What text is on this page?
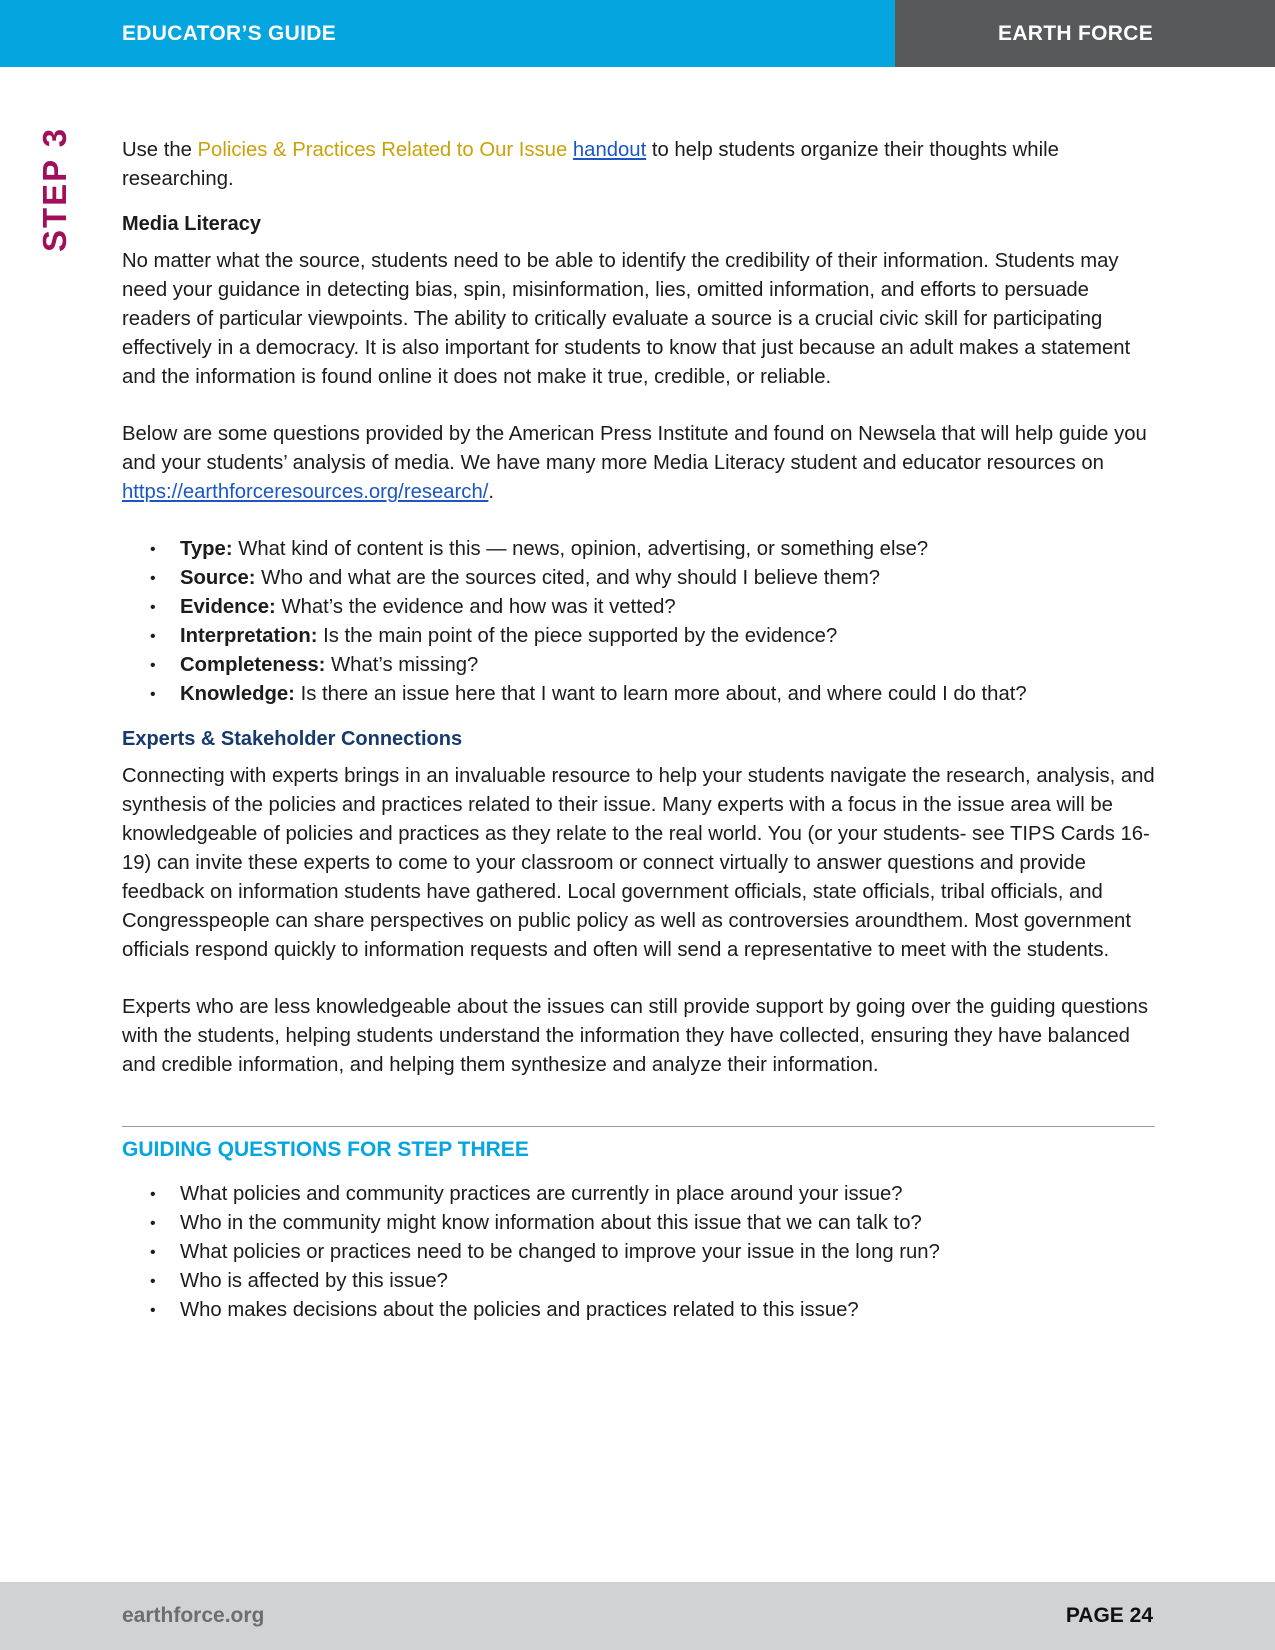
EDUCATOR’S GUIDE	EARTH FORCE
STEP 3 Use the Policies & Practices Related to Our Issue handout to help students organize their thoughts while researching.

Media Literacy

No matter what the source, students need to be able to identify the credibility of their information. Students may need your guidance in detecting bias, spin, misinformation, lies, omitted information, and efforts to persuade readers of particular viewpoints. The ability to critically evaluate a source is a crucial civic skill for participating effectively in a democracy. It is also important for students to know that just because an adult makes a statement and the information is found online it does not make it true, credible, or reliable.

Below are some questions provided by the American Press Institute and found on Newsela that will help guide you and your students’ analysis of media. We have many more Media Literacy student and educator resources on https://earthforceresources.org/research/.

• Type: What kind of content is this — news, opinion, advertising, or something else?
• Source: Who and what are the sources cited, and why should I believe them?
• Evidence: What’s the evidence and how was it vetted?
• Interpretation: Is the main point of the piece supported by the evidence?
• Completeness: What’s missing?
• Knowledge: Is there an issue here that I want to learn more about, and where could I do that?
Experts & Stakeholder Connections

Connecting with experts brings in an invaluable resource to help your students navigate the research, analysis, and synthesis of the policies and practices related to their issue. Many experts with a focus in the issue area will be knowledgeable of policies and practices as they relate to the real world. You (or your students- see TIPS Cards 16-19) can invite these experts to come to your classroom or connect virtually to answer questions and provide feedback on information students have gathered. Local government officials, state officials, tribal officials, and Congresspeople can share perspectives on public policy as well as controversies aroundthem. Most government officials respond quickly to information requests and often will send a representative to meet with the students.

Experts who are less knowledgeable about the issues can still provide support by going over the guiding questions with the students, helping students understand the information they have collected, ensuring they have balanced and credible information, and helping them synthesize and analyze their information.

GUIDING QUESTIONS FOR STEP THREE
• What policies and community practices are currently in place around your issue?
• Who in the community might know information about this issue that we can talk to?
• What policies or practices need to be changed to improve your issue in the long run?
• Who is affected by this issue?
• Who makes decisions about the policies and practices related to this issue?
earthforce.org	PAGE 24
